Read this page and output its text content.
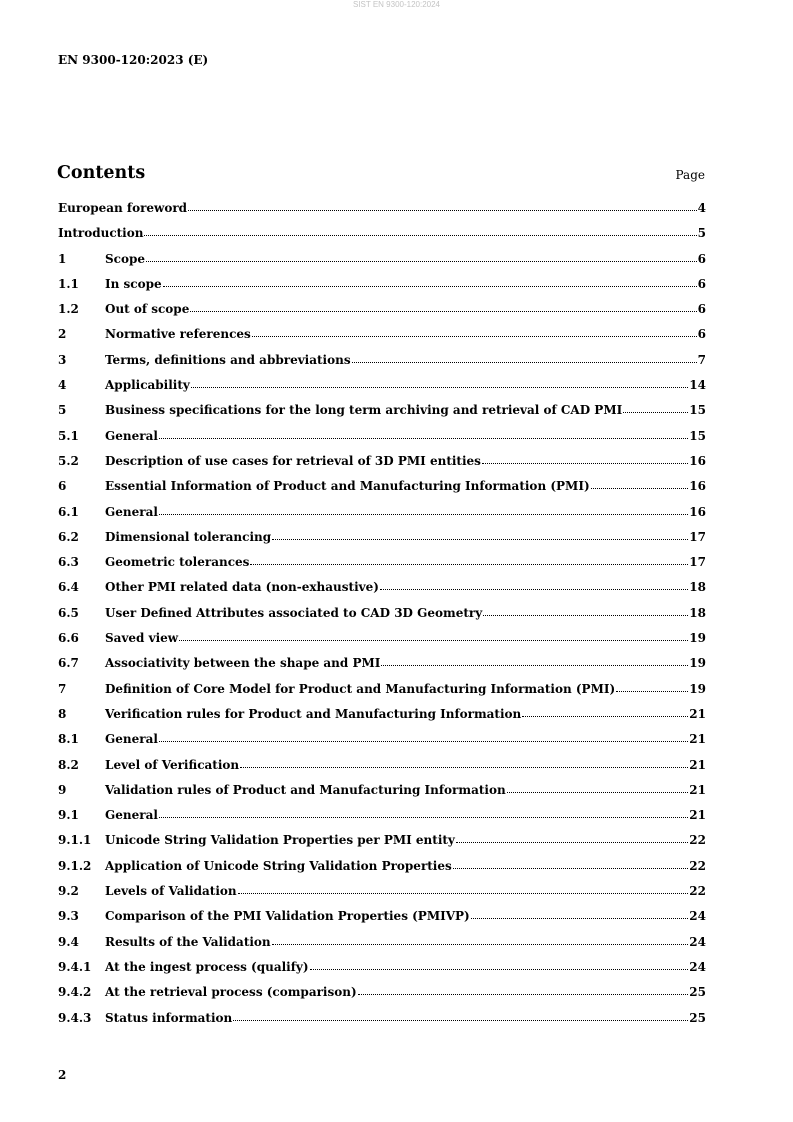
SIST EN 9300-120:2024
EN 9300-120:2023 (E)
Contents	Page
European foreword	4
Introduction	5
1	Scope	6
1.1	In scope	6
1.2	Out of scope	6
2	Normative references	6
3	Terms, definitions and abbreviations	7
4	Applicability	14
5	Business specifications for the long term archiving and retrieval of CAD PMI	15
5.1	General	15
5.2	Description of use cases for retrieval of 3D PMI entities	16
6	Essential Information of Product and Manufacturing Information (PMI)	16
6.1	General	16
6.2	Dimensional tolerancing	17
6.3	Geometric tolerances	17
6.4	Other PMI related data (non-exhaustive)	18
6.5	User Defined Attributes associated to CAD 3D Geometry	18
6.6	Saved view	19
6.7	Associativity between the shape and PMI	19
7	Definition of Core Model for Product and Manufacturing Information (PMI)	19
8	Verification rules for Product and Manufacturing Information	21
8.1	General	21
8.2	Level of Verification	21
9	Validation rules of Product and Manufacturing Information	21
9.1	General	21
9.1.1	Unicode String Validation Properties per PMI entity	22
9.1.2	Application of Unicode String Validation Properties	22
9.2	Levels of Validation	22
9.3	Comparison of the PMI Validation Properties (PMIVP)	24
9.4	Results of the Validation	24
9.4.1	At the ingest process (qualify)	24
9.4.2	At the retrieval process (comparison)	25
9.4.3	Status information	25
2
